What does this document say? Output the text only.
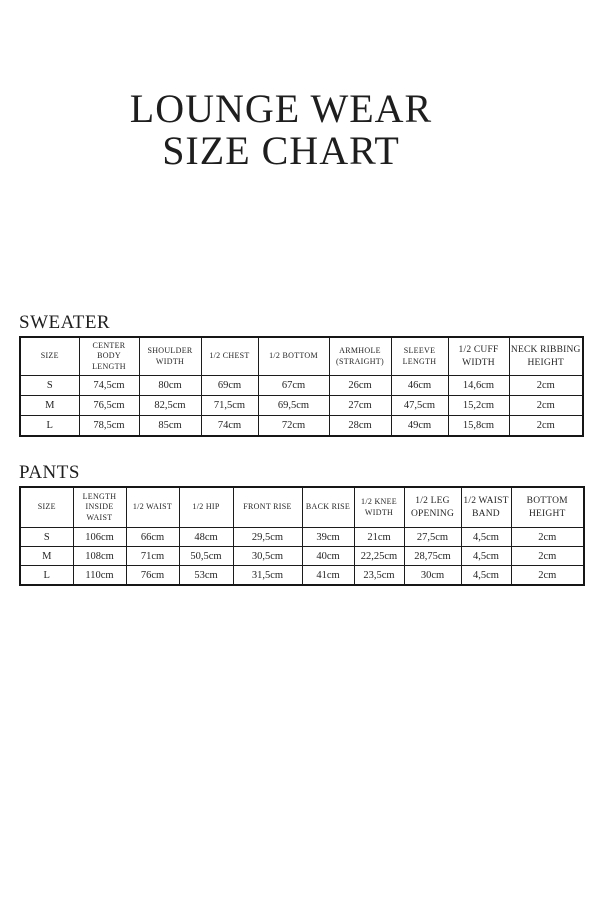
LOUNGE WEAR
SIZE CHART
SWEATER
SIZE	CENTER BODY LENGTH	SHOULDER WIDTH	1/2 CHEST	1/2 BOTTOM	ARMHOLE (STRAIGHT)	SLEEVE LENGTH	1/2 CUFF WIDTH	NECK RIBBING HEIGHT
S	74,5cm	80cm	69cm	67cm	26cm	46cm	14,6cm	2cm
M	76,5cm	82,5cm	71,5cm	69,5cm	27cm	47,5cm	15,2cm	2cm
L	78,5cm	85cm	74cm	72cm	28cm	49cm	15,8cm	2cm
PANTS
SIZE	LENGTH INSIDE WAIST	1/2 WAIST	1/2 HIP	FRONT RISE	BACK RISE	1/2 KNEE WIDTH	1/2 LEG OPENING	1/2 WAIST BAND	BOTTOM HEIGHT
S	106cm	66cm	48cm	29,5cm	39cm	21cm	27,5cm	4,5cm	2cm
M	108cm	71cm	50,5cm	30,5cm	40cm	22,25cm	28,75cm	4,5cm	2cm
L	110cm	76cm	53cm	31,5cm	41cm	23,5cm	30cm	4,5cm	2cm
